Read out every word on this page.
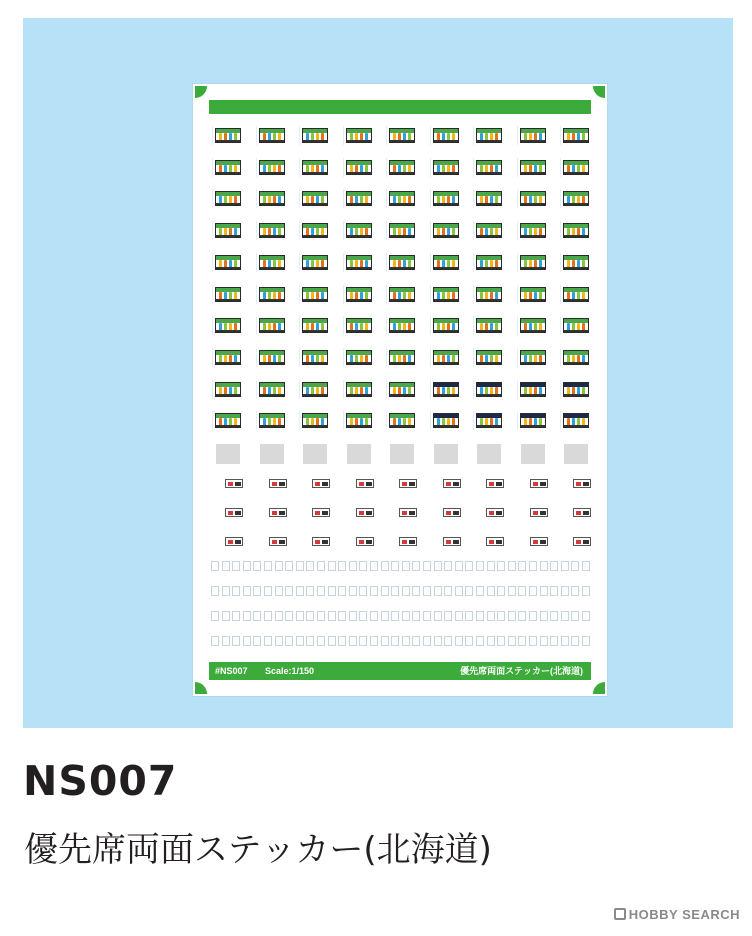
#NS007 Scale:1/150	優先席両面ステッカー(北海道)
NS007
優先席両面ステッカー(北海道)
HOBBY SEARCH
